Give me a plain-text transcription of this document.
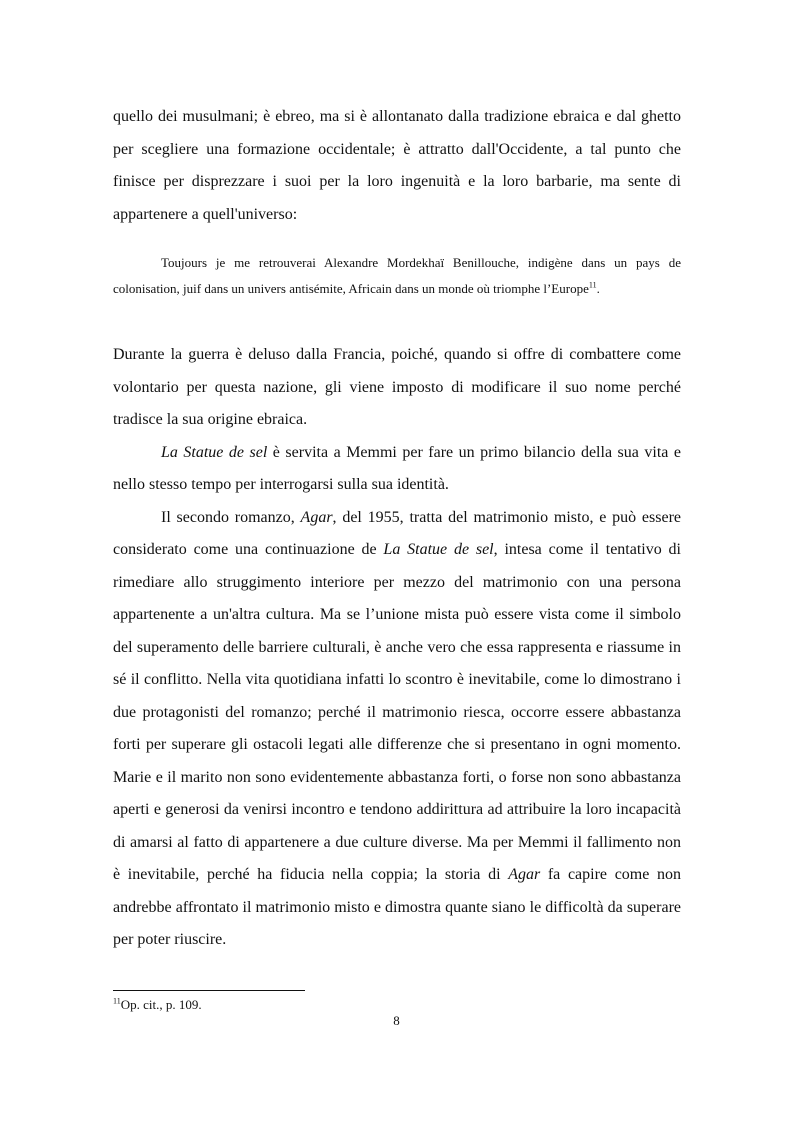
quello dei musulmani; è ebreo, ma si è allontanato dalla tradizione ebraica e dal ghetto per scegliere una formazione occidentale; è attratto dall'Occidente, a tal punto che finisce per disprezzare i suoi per la loro ingenuità e la loro barbarie, ma sente di appartenere a quell'universo:

Toujours je me retrouverai Alexandre Mordekhaï Benillouche, indigène dans un pays de colonisation, juif dans un univers antisémite, Africain dans un monde où triomphe l’Europe$^{11}$.

Durante la guerra è deluso dalla Francia, poiché, quando si offre di combattere come volontario per questa nazione, gli viene imposto di modificare il suo nome perché tradisce la sua origine ebraica.

La Statue de sel è servita a Memmi per fare un primo bilancio della sua vita e nello stesso tempo per interrogarsi sulla sua identità.

Il secondo romanzo, Agar, del 1955, tratta del matrimonio misto, e può essere considerato come una continuazione de La Statue de sel, intesa come il tentativo di rimediare allo struggimento interiore per mezzo del matrimonio con una persona appartenente a un'altra cultura. Ma se l’unione mista può essere vista come il simbolo del superamento delle barriere culturali, è anche vero che essa rappresenta e riassume in sé il conflitto. Nella vita quotidiana infatti lo scontro è inevitabile, come lo dimostrano i due protagonisti del romanzo; perché il matrimonio riesca, occorre essere abbastanza forti per superare gli ostacoli legati alle differenze che si presentano in ogni momento. Marie e il marito non sono evidentemente abbastanza forti, o forse non sono abbastanza aperti e generosi da venirsi incontro e tendono addirittura ad attribuire la loro incapacità di amarsi al fatto di appartenere a due culture diverse. Ma per Memmi il fallimento non è inevitabile, perché ha fiducia nella coppia; la storia di Agar fa capire come non andrebbe affrontato il matrimonio misto e dimostra quante siano le difficoltà da superare per poter riuscire.

$^{11}$Op. cit., p. 109.
8
